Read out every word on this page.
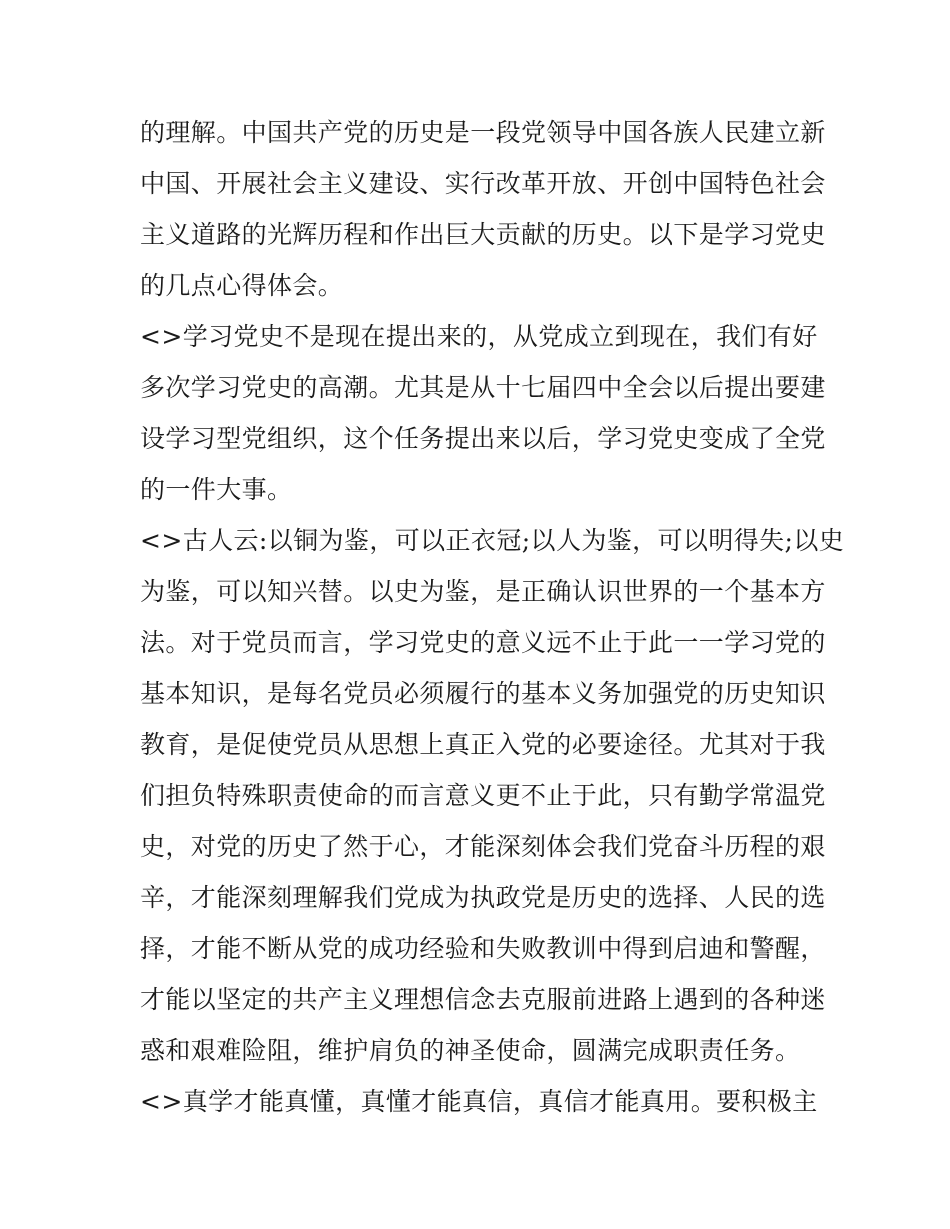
的理解。中国共产党的历史是一段党领导中国各族人民建立新
中国、开展社会主义建设、实行改革开放、开创中国特色社会
主义道路的光辉历程和作出巨大贡献的历史。以下是学习党史
的几点心得体会。
<>学习党史不是现在提出来的，从党成立到现在，我们有好
多次学习党史的高潮。尤其是从十七届四中全会以后提出要建
设学习型党组织，这个任务提出来以后，学习党史变成了全党
的一件大事。
<>古人云:以铜为鉴，可以正衣冠;以人为鉴，可以明得失;以史
为鉴，可以知兴替。以史为鉴，是正确认识世界的一个基本方
法。对于党员而言，学习党史的意义远不止于此一一学习党的
基本知识，是每名党员必须履行的基本义务加强党的历史知识
教育，是促使党员从思想上真正入党的必要途径。尤其对于我
们担负特殊职责使命的而言意义更不止于此，只有勤学常温党
史，对党的历史了然于心，才能深刻体会我们党奋斗历程的艰
辛，才能深刻理解我们党成为执政党是历史的选择、人民的选
择，才能不断从党的成功经验和失败教训中得到启迪和警醒，
才能以坚定的共产主义理想信念去克服前进路上遇到的各种迷
惑和艰难险阻，维护肩负的神圣使命，圆满完成职责任务。
<>真学才能真懂，真懂才能真信，真信才能真用。要积极主
